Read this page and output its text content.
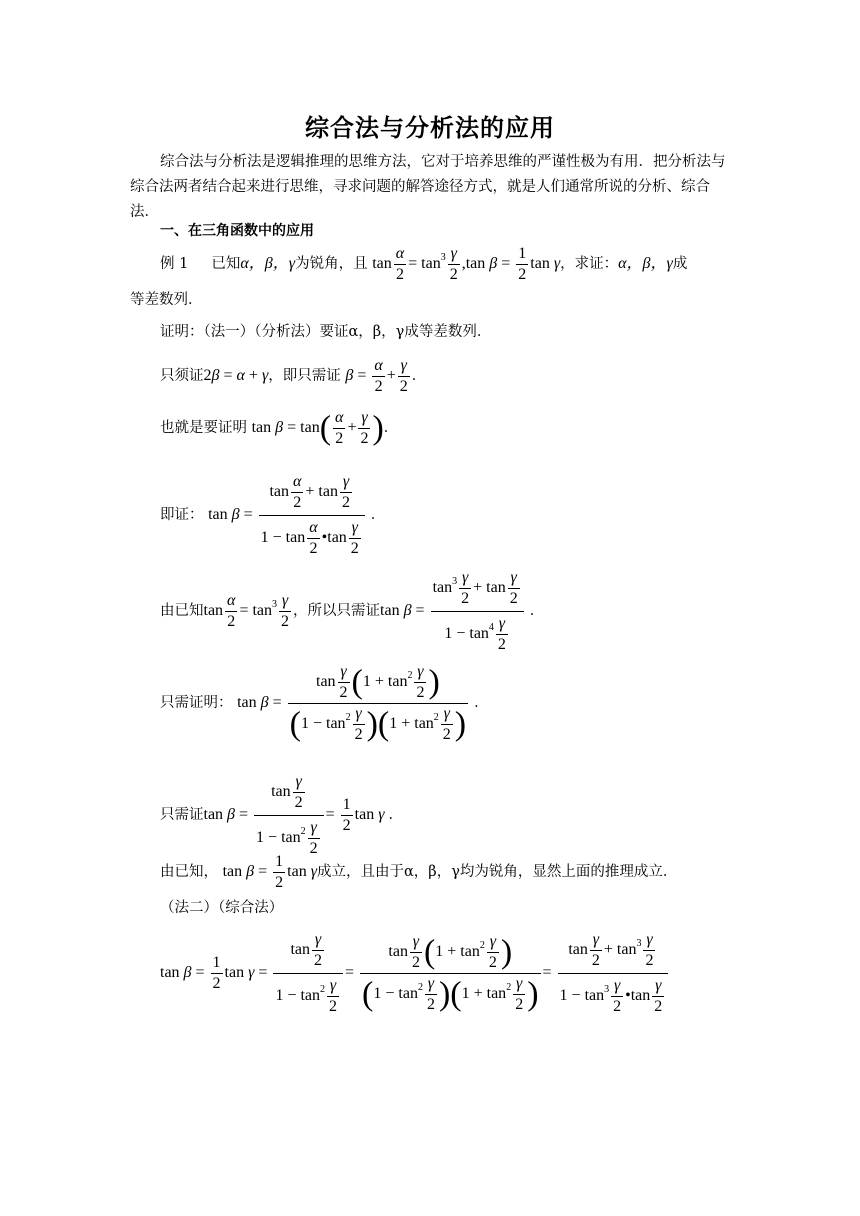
综合法与分析法的应用
综合法与分析法是逻辑推理的思维方法，它对于培养思维的严谨性极为有用．把分析法与综合法两者结合起来进行思维，寻求问题的解答途径方式，就是人们通常所说的分析、综合法．
一、在三角函数中的应用
例 1 已知α，β，γ为锐角，且 $\tan \frac{\alpha}{2} = \tan^3 \frac{\gamma}{2} ,\tan$ $\beta = \frac{1}{2}$ tan γ，求证：α，β，γ成
等差数列．
证明：（法一）（分析法）要证α，β，γ成等差数列．
只须证2β = α + γ，即只需证 $\beta = \frac{\alpha}{2} + \frac{\gamma}{2}$ ．
也就是要证明 $\tan \beta = \tan( \frac{\alpha}{2} + \frac{\gamma}{2}$ )．
即证： $\tan \beta = \frac{\tan \frac{\alpha}{2} + \tan \frac{\gamma}{2}}{1 - \tan \frac{\alpha}{2} •\tan \frac{\gamma}{2}}$ ．
由已知$\tan \frac{\alpha}{2} = \tan^3 \frac{\gamma}{2}$ ，所以只需证$\tan \beta = \frac{\tan^3 \frac{\gamma}{2} + \tan \frac{\gamma}{2}}{1 - \tan^4 \frac{\gamma}{2}}$ ．
只需证明： $\tan \beta = \frac{\tan \frac{\gamma}{2} (1 + \tan^2 \frac{\gamma}{2} )}{(1 - \tan^2 \frac{\gamma}{2} )(1 + \tan^2 \frac{\gamma}{2} )}$ ．
只需证$\tan \beta = \frac{\tan \frac{\gamma}{2}}{1 - \tan^2 \frac{\gamma}{2}} = \frac{1}{2}$ tan γ ．
由已知， $\tan \beta = \frac{1}{2}$ tan γ成立，且由于α，β，γ均为锐角，显然上面的推理成立．
（法二）（综合法）
$\tan \beta = \frac{1}{2}$ $\tan \gamma = \frac{\tan \frac{\gamma}{2}}{1 - \tan^2 \frac{\gamma}{2}} = \frac{\tan \frac{\gamma}{2} (1 + \tan^2 \frac{\gamma}{2} )}{(1 - \tan^2 \frac{\gamma}{2} )(1 + \tan^2 \frac{\gamma}{2} )} = \frac{\tan \frac{\gamma}{2} + \tan^3 \frac{\gamma}{2}}{1 - \tan^3 \frac{\gamma}{2} •\tan \frac{\gamma}{2}}$
